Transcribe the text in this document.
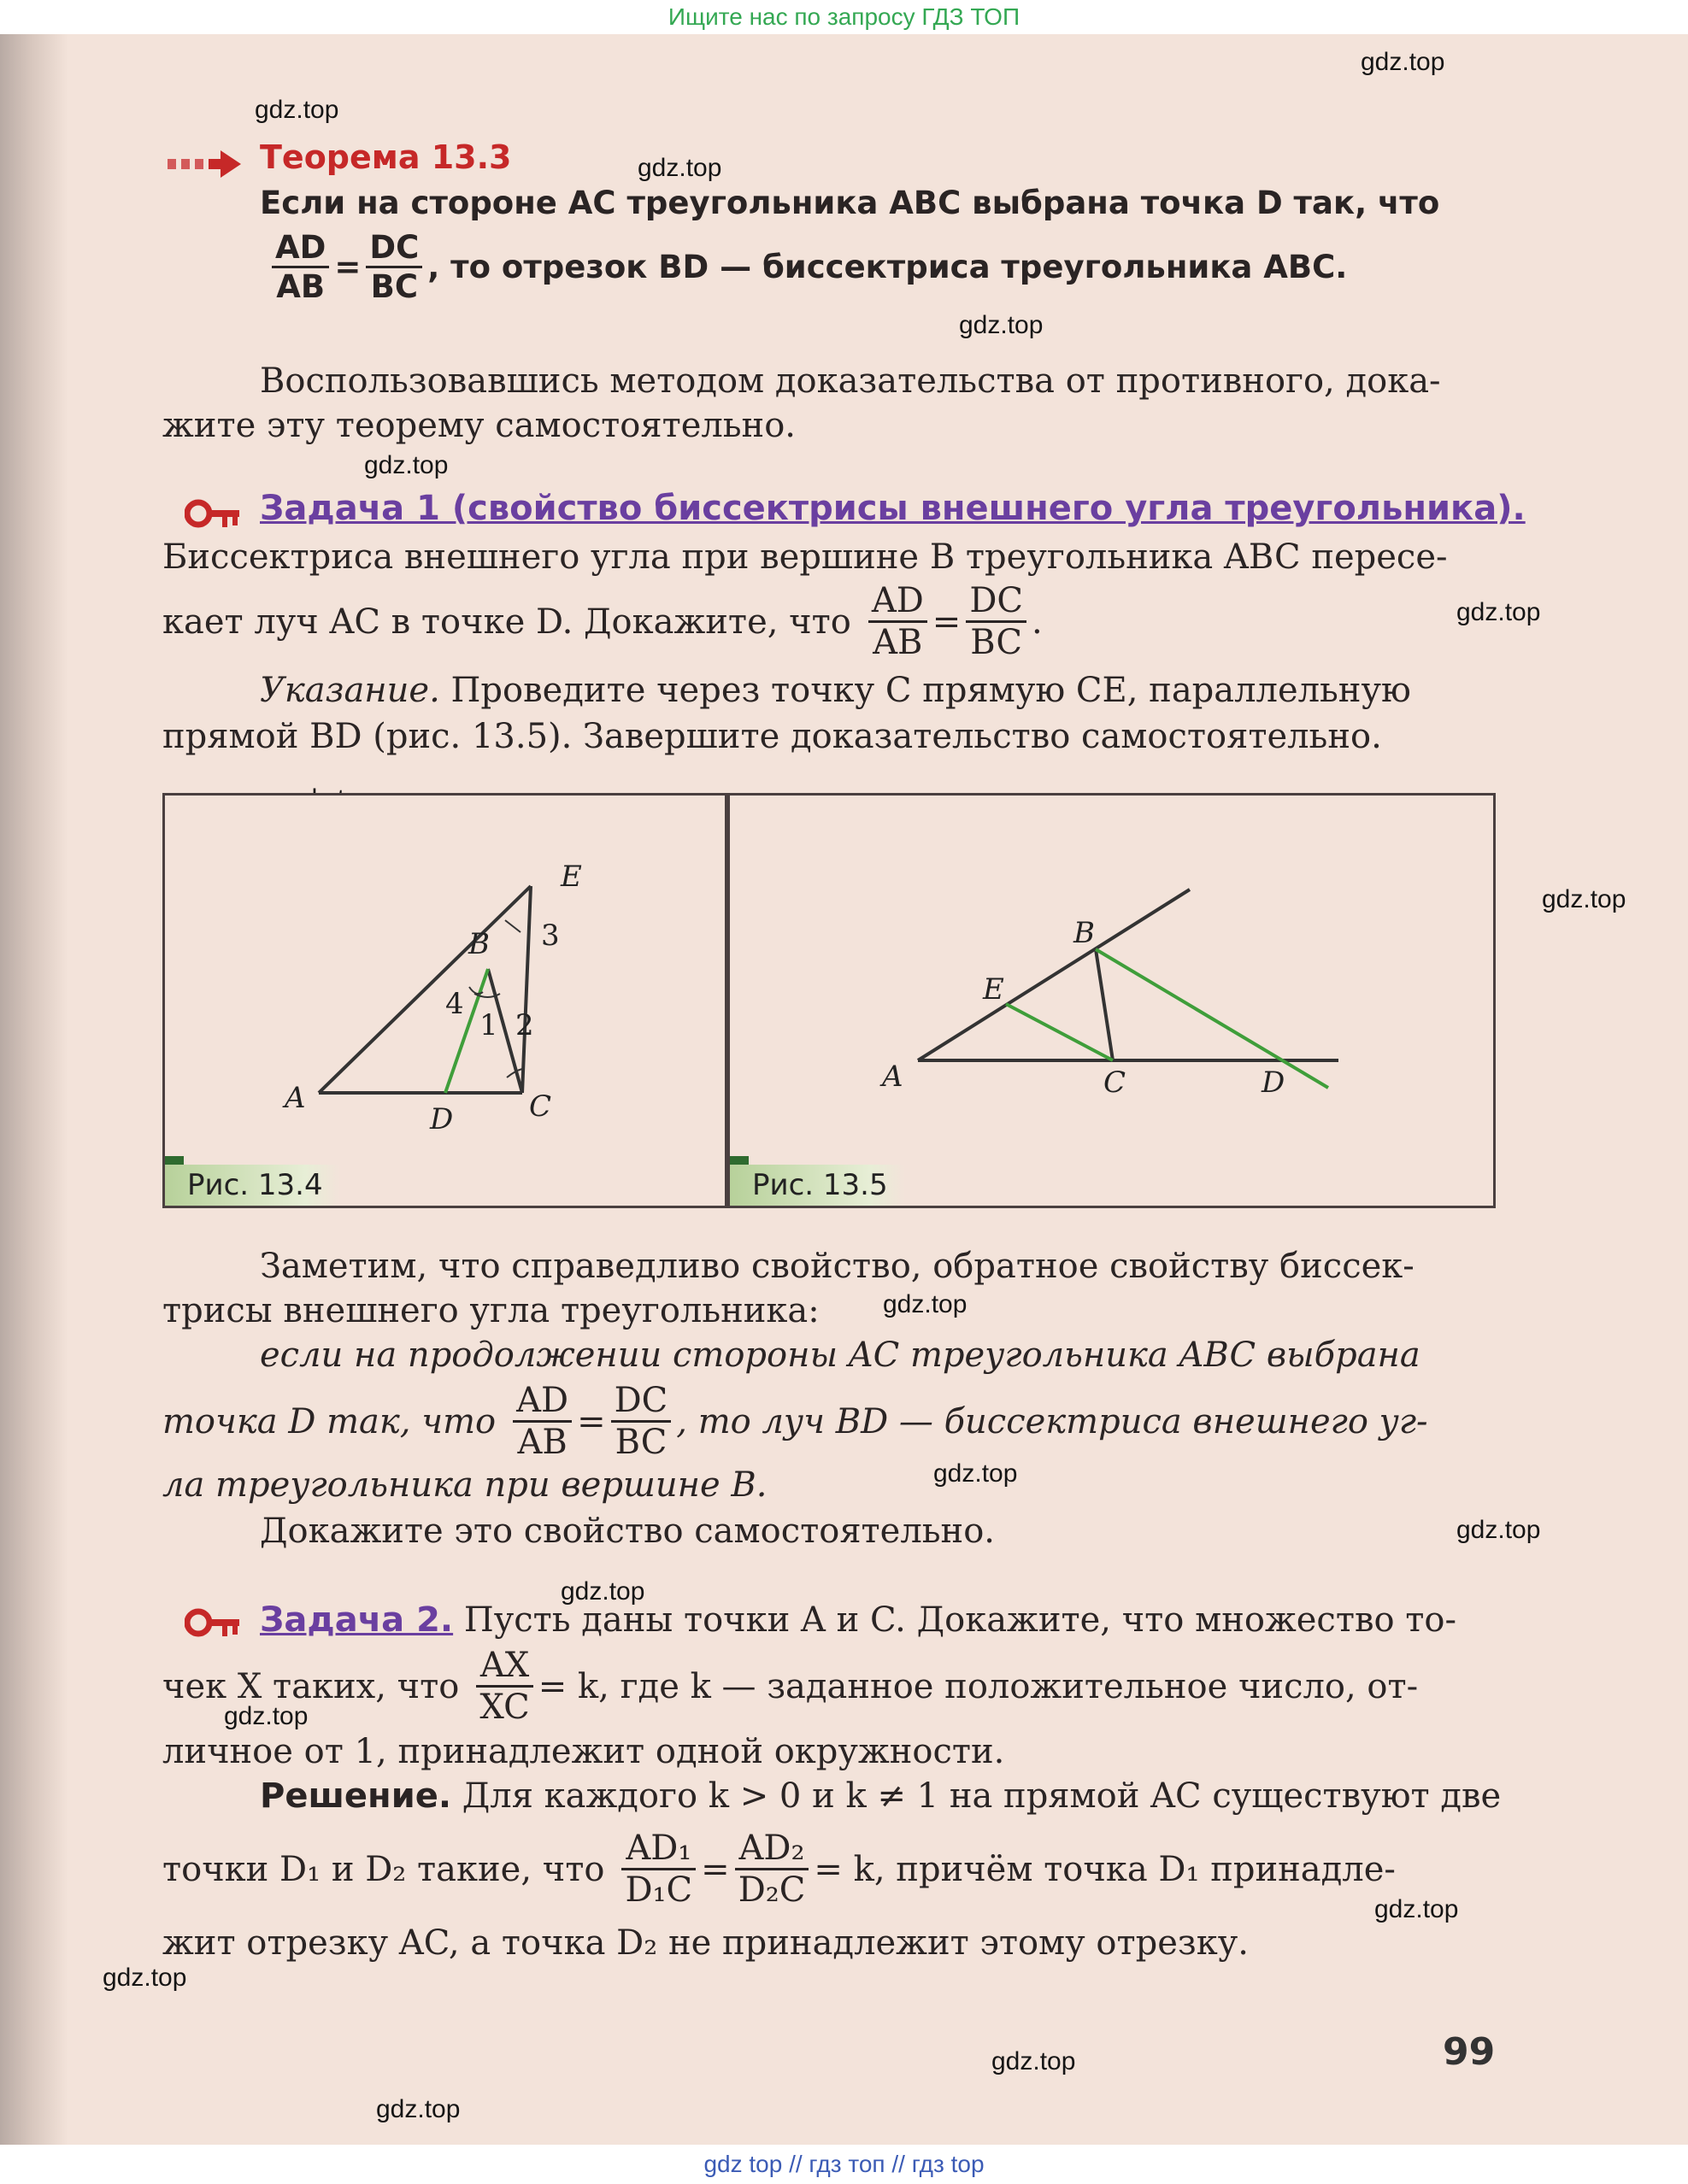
Ищите нас по запросу ГДЗ ТОП
gdz.top
gdz.top
gdz.top
gdz.top
gdz.top
gdz.top
gdz.top
gdz.top
gdz.top
gdz.top
gdz.top
gdz.top
gdz.top
gdz.top
gdz.top
gdz.top
Теорема 13.3
Если на стороне AC треугольника ABC выбрана точка D так, что
$\frac{AD}{AB} = \frac{DC}{BC}$ , то отрезок BD — биссектриса треугольника ABC.
Воспользовавшись методом доказательства от противного, дока-
жите эту теорему самостоятельно.
Задача 1 (свойство биссектрисы внешнего угла треугольника).
Биссектриса внешнего угла при вершине B треугольника ABC пересе-
кает луч AC в точке D. Докажите, что $\frac{AD}{AB} = \frac{DC}{BC}$ .
Указание. Проведите через точку C прямую CE, параллельную
прямой BD (рис. 13.5). Завершите доказательство самостоятельно.
A
B
C
D
E
1 2
3
4
Рис. 13.4
A
B
C	D
E
Рис. 13.5
Заметим, что справедливо свойство, обратное свойству биссек-
трисы внешнего угла треугольника:
если на продолжении стороны AC треугольника ABC выбрана
точка D так, что $\frac{AD}{AB} = \frac{DC}{BC}$ , то луч BD — биссектриса внешнего уг-
ла треугольника при вершине B.
Докажите это свойство самостоятельно.
Задача 2. Пусть даны точки A и C. Докажите, что множество то-
чек X таких, что $\frac{AX}{XC} = k$, где k — заданное положительное число, от-
личное от 1, принадлежит одной окружности.
Решение. Для каждого k > 0 и k ≠ 1 на прямой AC существуют две
точки D₁ и D₂ такие, что $\frac{\text{AD₁}}{\text{D₁C}} = \frac{\text{AD₂}}{\text{D₂C}} = k$, причём точка D₁ принадле-
жит отрезку AC, а точка D₂ не принадлежит этому отрезку.
99
gdz top // гдз топ // гдз top
